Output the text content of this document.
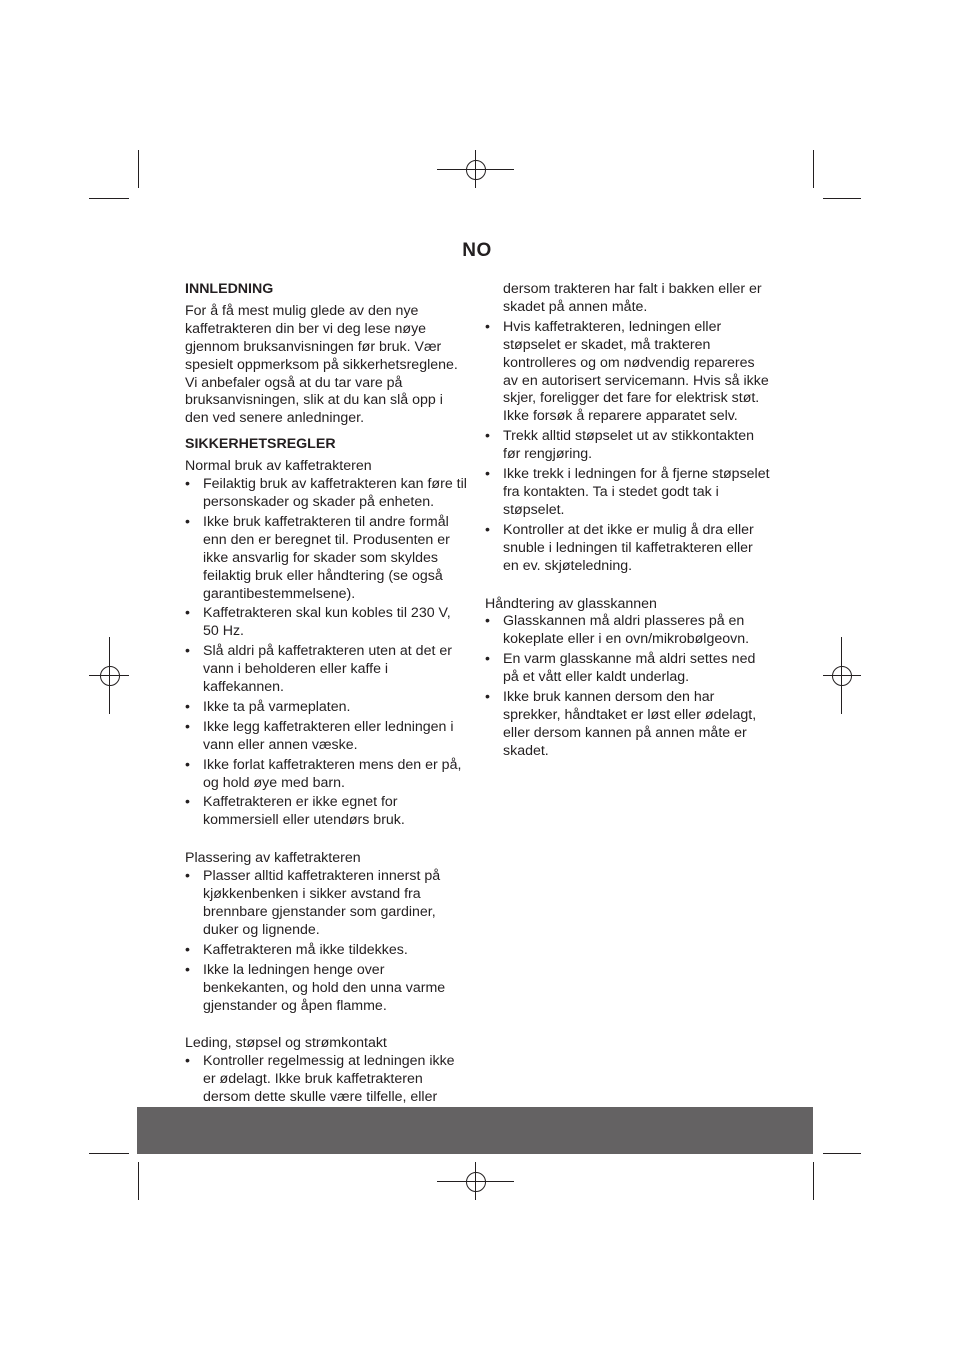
NO
INNLEDNING

For å få mest mulig glede av den nye kaffetrakteren din ber vi deg lese nøye gjennom bruksanvisningen før bruk. Vær spesielt oppmerksom på sikkerhetsreglene. Vi anbefaler også at du tar vare på bruksanvisningen, slik at du kan slå opp i den ved senere anledninger.

SIKKERHETSREGLER
Normal bruk av kaffetrakteren
• Feilaktig bruk av kaffetrakteren kan føre til personskader og skader på enheten.
• Ikke bruk kaffetrakteren til andre formål enn den er beregnet til. Produsenten er ikke ansvarlig for skader som skyldes feilaktig bruk eller håndtering (se også garantibestemmelsene).
• Kaffetrakteren skal kun kobles til 230 V, 50 Hz.
• Slå aldri på kaffetrakteren uten at det er vann i beholderen eller kaffe i kaffekannen.
• Ikke ta på varmeplaten.
• Ikke legg kaffetrakteren eller ledningen i vann eller annen væske.
• Ikke forlat kaffetrakteren mens den er på, og hold øye med barn.
• Kaffetrakteren er ikke egnet for kommersiell eller utendørs bruk.
Plassering av kaffetrakteren
• Plasser alltid kaffetrakteren innerst på kjøkkenbenken i sikker avstand fra brennbare gjenstander som gardiner, duker og lignende.
• Kaffetrakteren må ikke tildekkes.
• Ikke la ledningen henge over benkekanten, og hold den unna varme gjenstander og åpen flamme.
Leding, støpsel og strømkontakt
• Kontroller regelmessig at ledningen ikke er ødelagt. Ikke bruk kaffetrakteren dersom dette skulle være tilfelle, eller
dersom trakteren har falt i bakken eller er skadet på annen måte.
• Hvis kaffetrakteren, ledningen eller støpselet er skadet, må trakteren kontrolleres og om nødvendig repareres av en autorisert servicemann. Hvis så ikke skjer, foreligger det fare for elektrisk støt. Ikke forsøk å reparere apparatet selv.
• Trekk alltid støpselet ut av stikkontakten før rengjøring.
• Ikke trekk i ledningen for å fjerne støpselet fra kontakten. Ta i stedet godt tak i støpselet.
• Kontroller at det ikke er mulig å dra eller snuble i ledningen til kaffetrakteren eller en ev. skjøteledning.
Håndtering av glasskannen
• Glasskannen må aldri plasseres på en kokeplate eller i en ovn/mikrobølgeovn.
• En varm glasskanne må aldri settes ned på et vått eller kaldt underlag.
• Ikke bruk kannen dersom den har sprekker, håndtaket er løst eller ødelagt, eller dersom kannen på annen måte er skadet.
